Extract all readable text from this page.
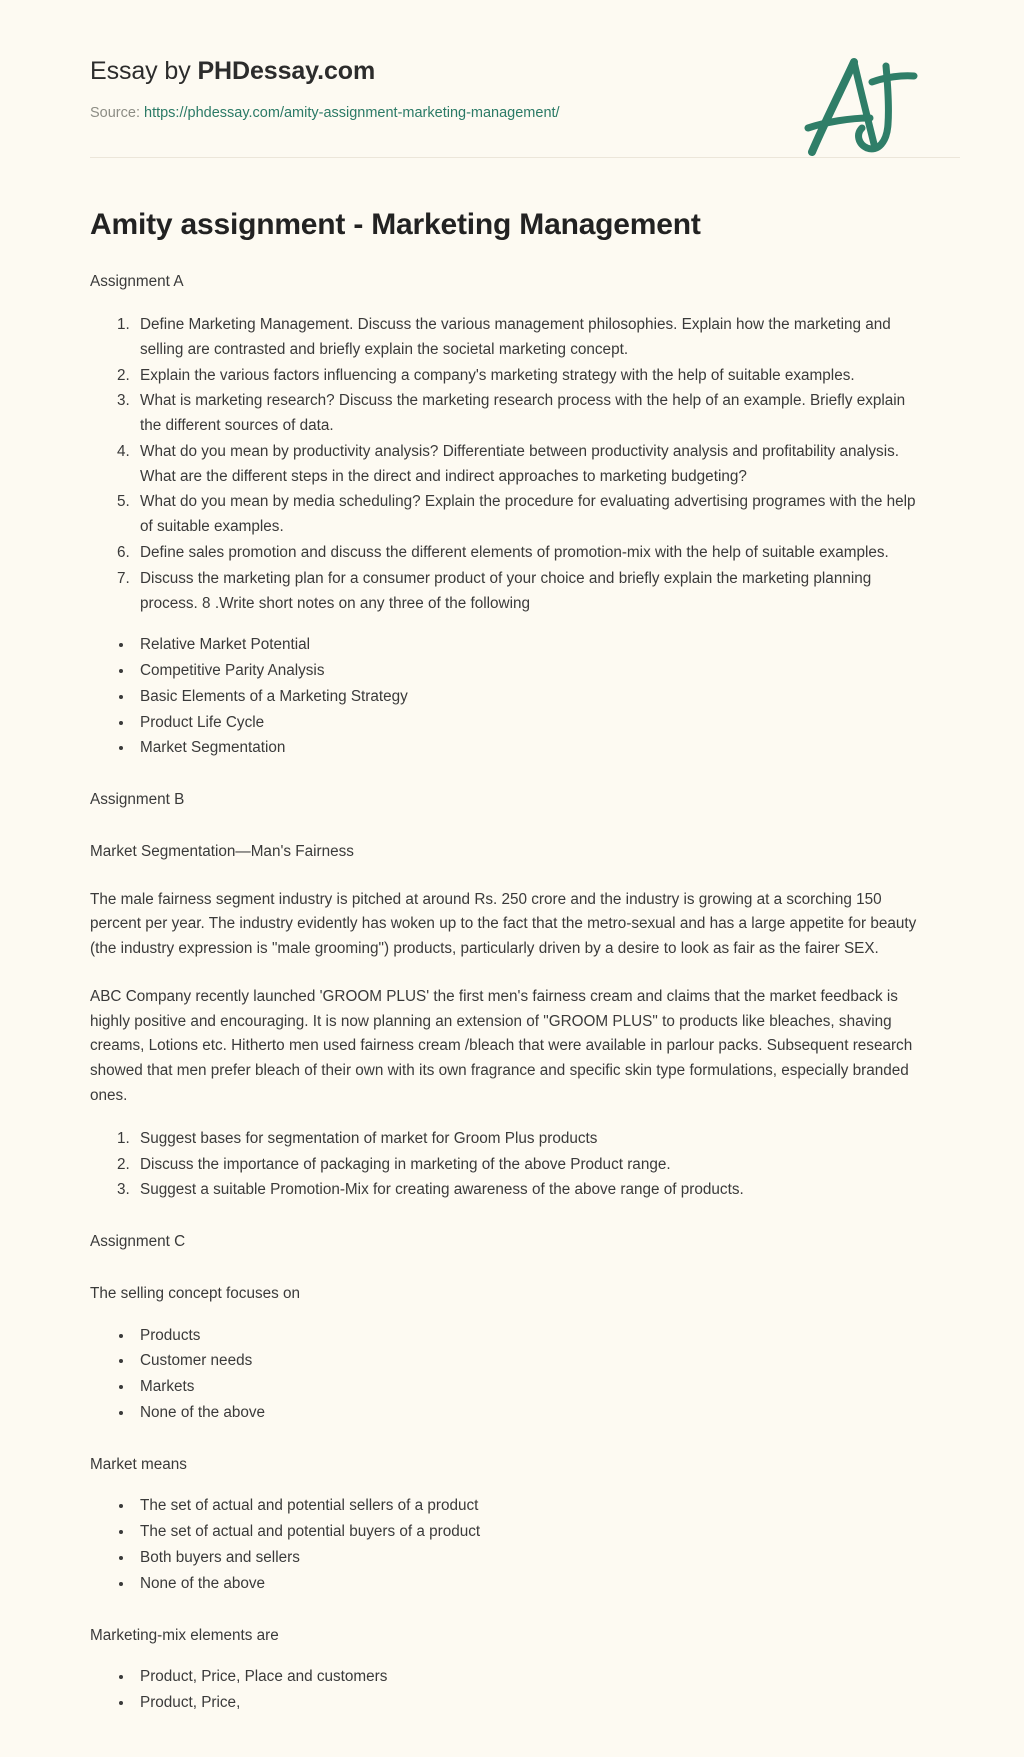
Essay by PHDessay.com
Source: https://phdessay.com/amity-assignment-marketing-management/
Amity assignment - Marketing Management

Assignment A

1. Define Marketing Management. Discuss the various management philosophies. Explain how the marketing and selling are contrasted and briefly explain the societal marketing concept.
2. Explain the various factors influencing a company's marketing strategy with the help of suitable examples.
3. What is marketing research? Discuss the marketing research process with the help of an example. Briefly explain the different sources of data.
4. What do you mean by productivity analysis? Differentiate between productivity analysis and profitability analysis. What are the different steps in the direct and indirect approaches to marketing budgeting?
5. What do you mean by media scheduling? Explain the procedure for evaluating advertising programes with the help of suitable examples.
6. Define sales promotion and discuss the different elements of promotion-mix with the help of suitable examples.
7. Discuss the marketing plan for a consumer product of your choice and briefly explain the marketing planning process. 8 .Write short notes on any three of the following
• Relative Market Potential
• Competitive Parity Analysis
• Basic Elements of a Marketing Strategy
• Product Life Cycle
• Market Segmentation

Assignment B

Market Segmentation—Man's Fairness

The male fairness segment industry is pitched at around Rs. 250 crore and the industry is growing at a scorching 150 percent per year. The industry evidently has woken up to the fact that the metro-sexual and has a large appetite for beauty (the industry expression is "male grooming") products, particularly driven by a desire to look as fair as the fairer SEX.

ABC Company recently launched 'GROOM PLUS' the first men's fairness cream and claims that the market feedback is highly positive and encouraging. It is now planning an extension of "GROOM PLUS" to products like bleaches, shaving creams, Lotions etc. Hitherto men used fairness cream /bleach that were available in parlour packs. Subsequent research showed that men prefer bleach of their own with its own fragrance and specific skin type formulations, especially branded ones.

1. Suggest bases for segmentation of market for Groom Plus products
2. Discuss the importance of packaging in marketing of the above Product range.
3. Suggest a suitable Promotion-Mix for creating awareness of the above range of products.

Assignment C

The selling concept focuses on

• Products
• Customer needs
• Markets
• None of the above

Market means

• The set of actual and potential sellers of a product
• The set of actual and potential buyers of a product
• Both buyers and sellers
• None of the above

Marketing-mix elements are

• Product, Price, Place and customers
• Product, Price,
